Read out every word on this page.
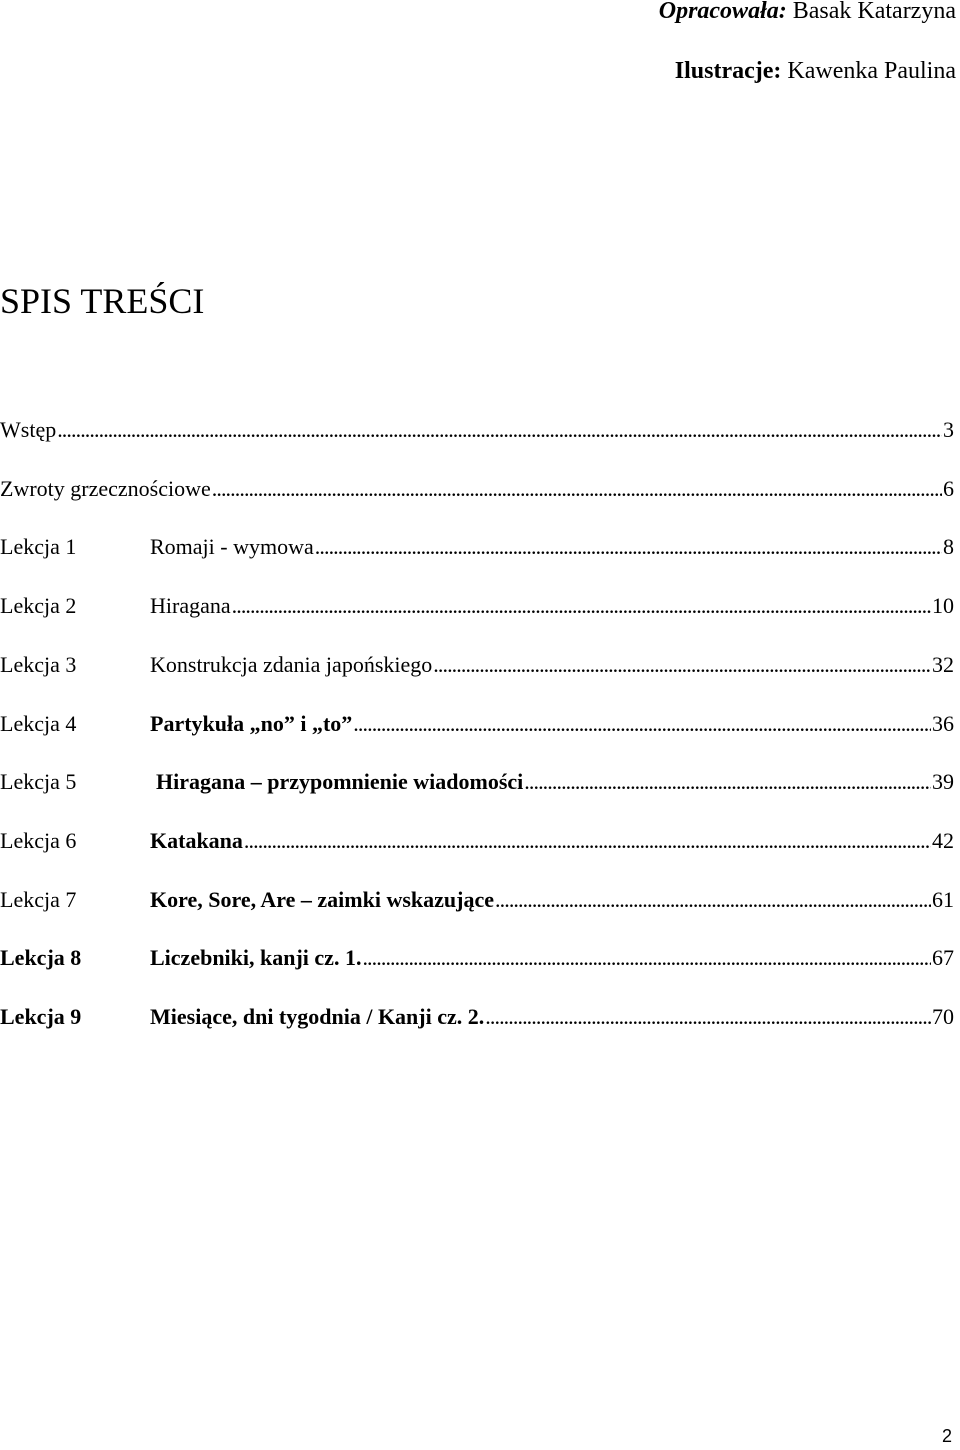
Opracowała: Basak Katarzyna
Ilustracje: Kawenka Paulina
SPIS TREŚCI
Wstęp . . .	3
Zwroty grzecznościowe . . .	6
Lekcja 1	Romaji - wymowa . . .	8
Lekcja 2	Hiragana . . .	10
Lekcja 3	Konstrukcja zdania japońskiego . . .	32
Lekcja 4	Partykuła „no” i „to” . . .	36
Lekcja 5	Hiragana – przypomnienie wiadomości . . .	39
Lekcja 6	Katakana . . .	42
Lekcja 7	Kore, Sore, Are – zaimki wskazujące . . .	61
Lekcja 8	Liczebniki, kanji cz. 1. . . .	67
Lekcja 9	Miesiące, dni tygodnia / Kanji cz. 2. . . .	70
2
